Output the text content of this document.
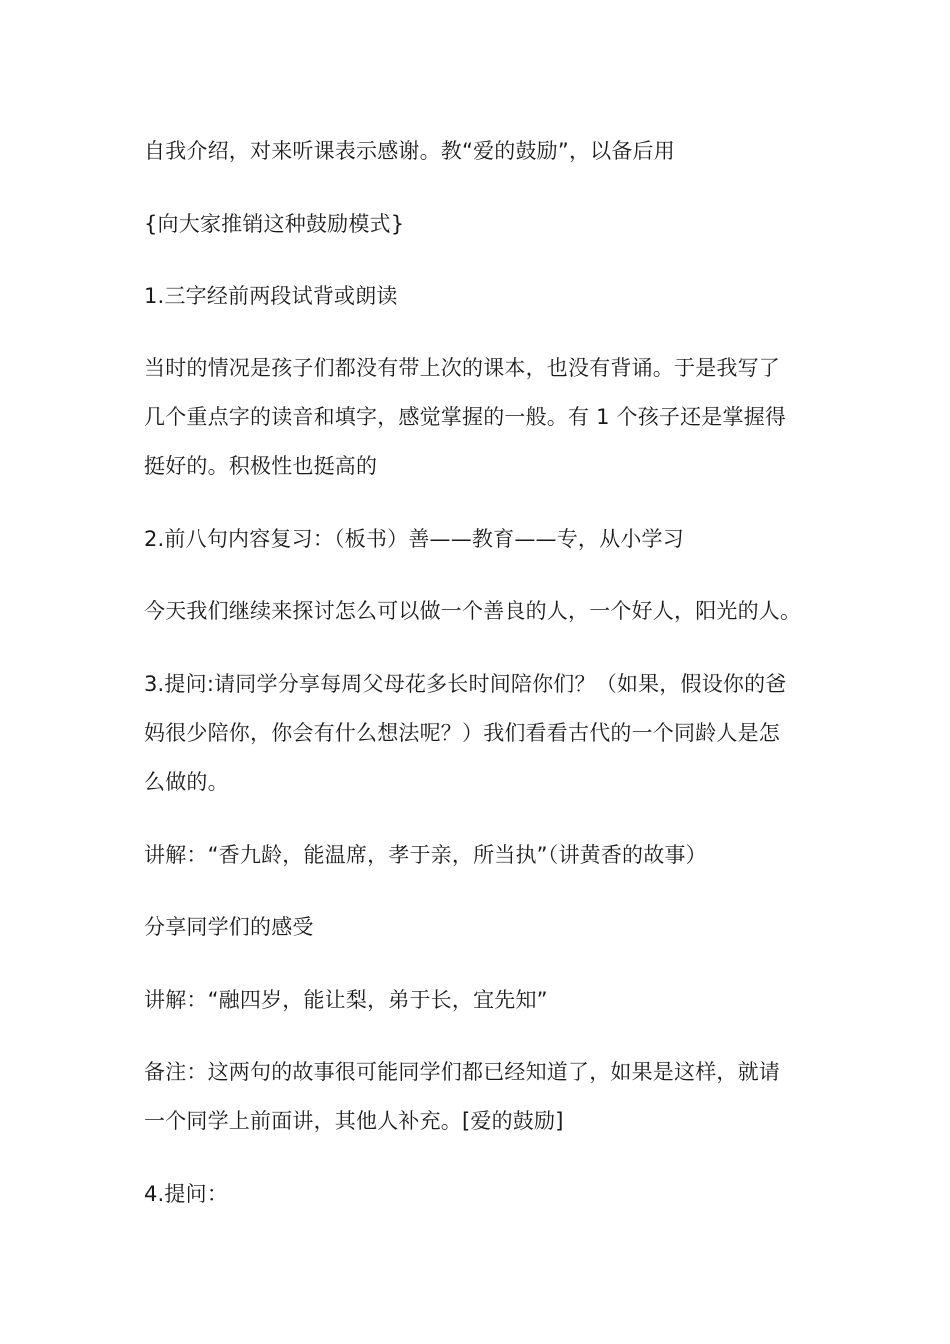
自我介绍，对来听课表示感谢。教“爱的鼓励”，以备后用

{向大家推销这种鼓励模式}

1.三字经前两段试背或朗读

当时的情况是孩子们都没有带上次的课本，也没有背诵。于是我写了

几个重点字的读音和填字，感觉掌握的一般。有 1 个孩子还是掌握得

挺好的。积极性也挺高的

2.前八句内容复习：（板书）善——教育——专，从小学习

今天我们继续来探讨怎么可以做一个善良的人，一个好人，阳光的人。

3.提问:请同学分享每周父母花多长时间陪你们？（如果，假设你的爸

妈很少陪你，你会有什么想法呢？）我们看看古代的一个同龄人是怎

么做的。

讲解：“香九龄，能温席，孝于亲，所当执”（讲黄香的故事）

分享同学们的感受

讲解：“融四岁，能让梨，弟于长，宜先知”

备注：这两句的故事很可能同学们都已经知道了，如果是这样，就请

一个同学上前面讲，其他人补充。[爱的鼓励]

4.提问：
